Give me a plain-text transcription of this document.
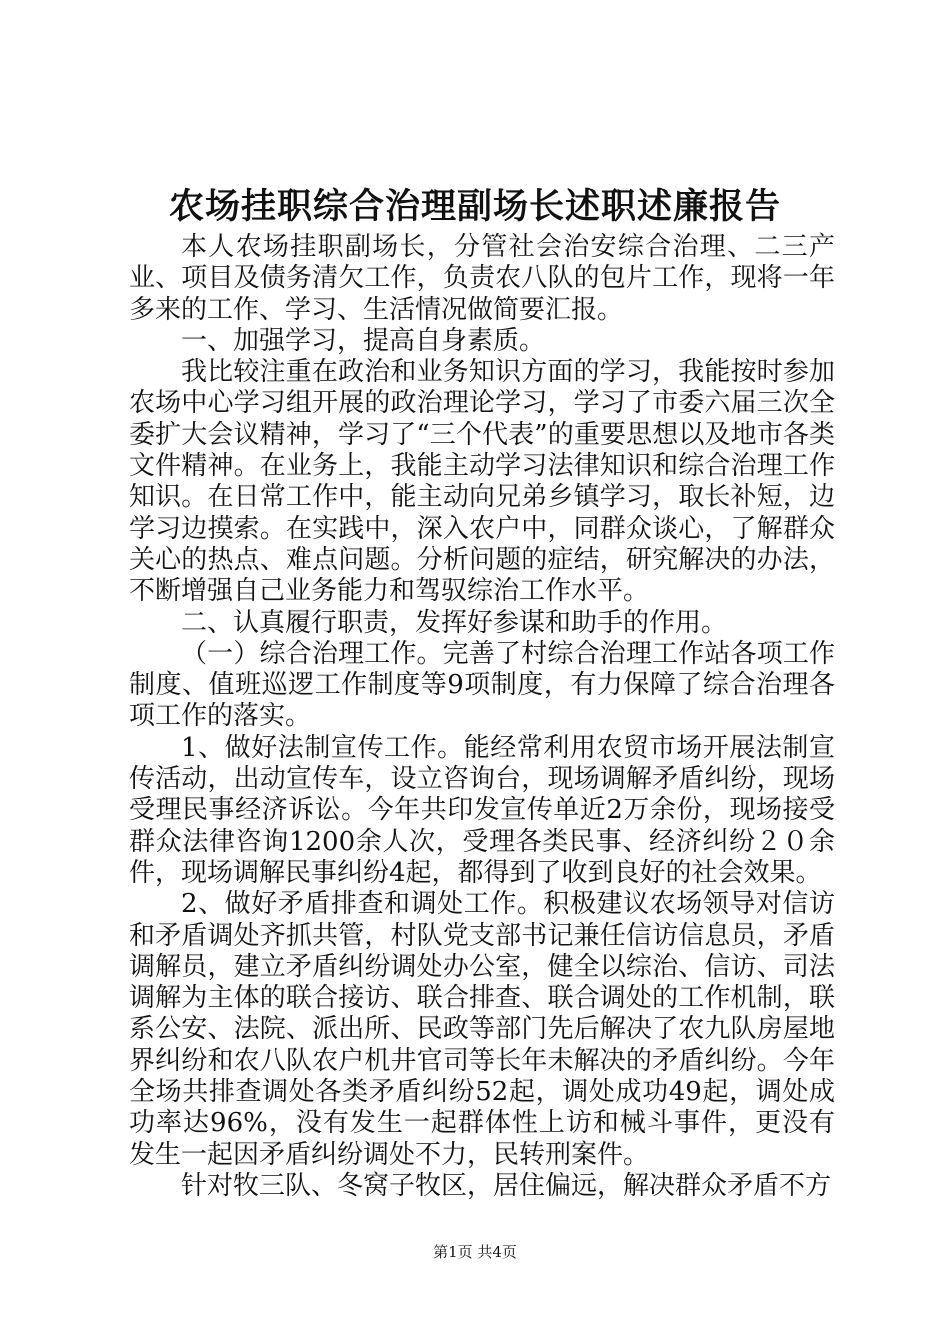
农场挂职综合治理副场长述职述廉报告

本人农场挂职副场长，分管社会治安综合治理、二三产业、项目及债务清欠工作，负责农八队的包片工作，现将一年多来的工作、学习、生活情况做简要汇报。

一、加强学习，提高自身素质。

我比较注重在政治和业务知识方面的学习，我能按时参加农场中心学习组开展的政治理论学习，学习了市委六届三次全委扩大会议精神，学习了“三个代表”的重要思想以及地市各类文件精神。在业务上，我能主动学习法律知识和综合治理工作知识。在日常工作中，能主动向兄弟乡镇学习，取长补短，边学习边摸索。在实践中，深入农户中，同群众谈心，了解群众关心的热点、难点问题。分析问题的症结，研究解决的办法，不断增强自己业务能力和驾驭综治工作水平。

二、认真履行职责，发挥好参谋和助手的作用。

（一）综合治理工作。完善了村综合治理工作站各项工作制度、值班巡逻工作制度等9项制度，有力保障了综合治理各项工作的落实。

1、做好法制宣传工作。能经常利用农贸市场开展法制宣传活动，出动宣传车，设立咨询台，现场调解矛盾纠纷，现场受理民事经济诉讼。今年共印发宣传单近2万余份，现场接受群众法律咨询1200余人次，受理各类民事、经济纠纷２０余件，现场调解民事纠纷4起，都得到了收到良好的社会效果。

2、做好矛盾排查和调处工作。积极建议农场领导对信访和矛盾调处齐抓共管，村队党支部书记兼任信访信息员，矛盾调解员，建立矛盾纠纷调处办公室，健全以综治、信访、司法调解为主体的联合接访、联合排查、联合调处的工作机制，联系公安、法院、派出所、民政等部门先后解决了农九队房屋地界纠纷和农八队农户机井官司等长年未解决的矛盾纠纷。今年全场共排查调处各类矛盾纠纷52起，调处成功49起，调处成功率达96%，没有发生一起群体性上访和械斗事件，更没有发生一起因矛盾纠纷调处不力，民转刑案件。

针对牧三队、冬窝子牧区，居住偏远，解决群众矛盾不方

第1页 共4页
